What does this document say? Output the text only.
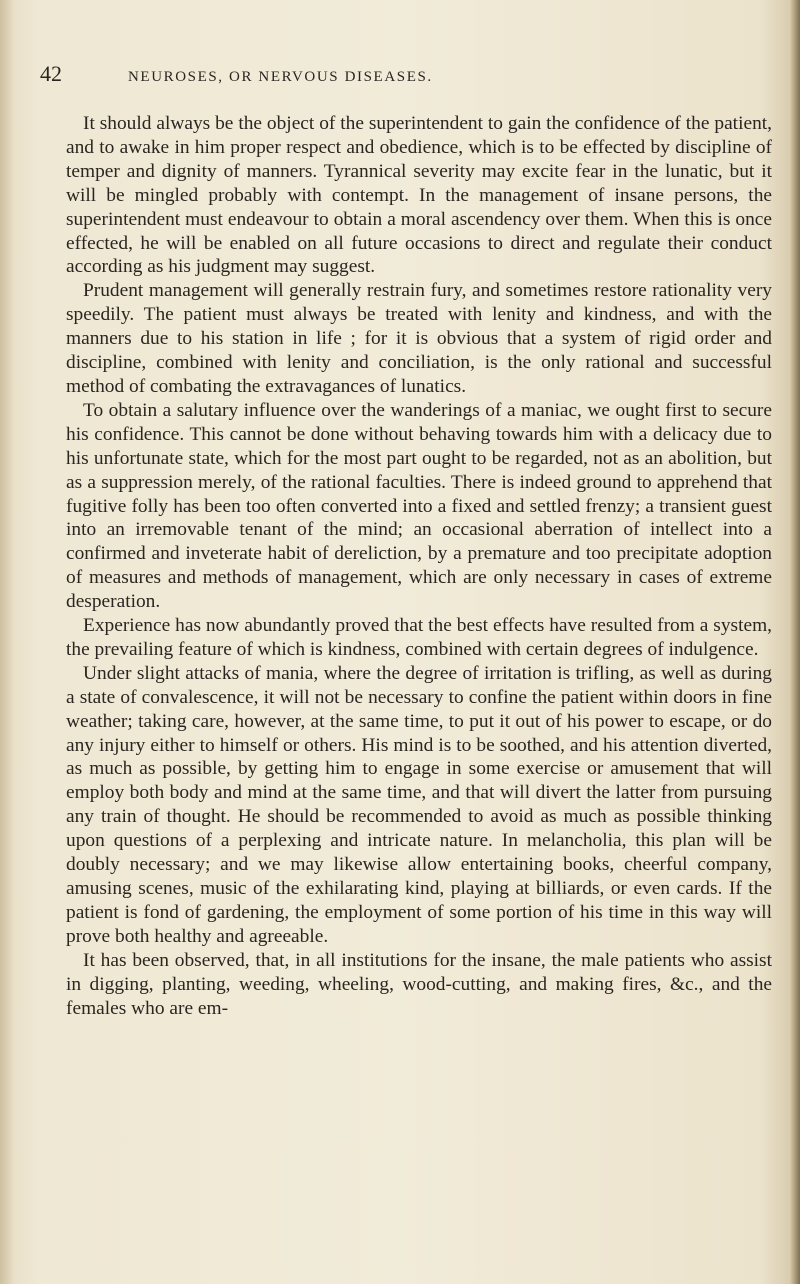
42	NEUROSES, OR NERVOUS DISEASES.

It should always be the object of the superintendent to gain the confidence of the patient, and to awake in him proper respect and obedience, which is to be effected by discipline of temper and dignity of manners. Tyrannical severity may excite fear in the lunatic, but it will be mingled probably with contempt. In the management of insane persons, the superintendent must endeavour to obtain a moral ascendency over them. When this is once effected, he will be enabled on all future occasions to direct and regulate their conduct according as his judgment may suggest.

Prudent management will generally restrain fury, and sometimes restore rationality very speedily. The patient must always be treated with lenity and kindness, and with the manners due to his station in life ; for it is obvious that a system of rigid order and discipline, combined with lenity and conciliation, is the only rational and successful method of combating the extravagances of lunatics.

To obtain a salutary influence over the wanderings of a maniac, we ought first to secure his confidence. This cannot be done without behaving towards him with a delicacy due to his unfortunate state, which for the most part ought to be regarded, not as an abolition, but as a suppression merely, of the rational faculties. There is indeed ground to apprehend that fugitive folly has been too often converted into a fixed and settled frenzy; a transient guest into an irremovable tenant of the mind; an occasional aberration of intellect into a confirmed and inveterate habit of dereliction, by a premature and too precipitate adoption of measures and methods of management, which are only necessary in cases of extreme desperation.

Experience has now abundantly proved that the best effects have resulted from a system, the prevailing feature of which is kindness, combined with certain degrees of indulgence.

Under slight attacks of mania, where the degree of irritation is trifling, as well as during a state of convalescence, it will not be necessary to confine the patient within doors in fine weather; taking care, however, at the same time, to put it out of his power to escape, or do any injury either to himself or others. His mind is to be soothed, and his attention diverted, as much as possible, by getting him to engage in some exercise or amusement that will employ both body and mind at the same time, and that will divert the latter from pursuing any train of thought. He should be recommended to avoid as much as possible thinking upon questions of a perplexing and intricate nature. In melancholia, this plan will be doubly necessary; and we may likewise allow entertaining books, cheerful company, amusing scenes, music of the exhilarating kind, playing at billiards, or even cards. If the patient is fond of gardening, the employment of some portion of his time in this way will prove both healthy and agreeable.

It has been observed, that, in all institutions for the insane, the male patients who assist in digging, planting, weeding, wheeling, wood-cutting, and making fires, &c., and the females who are em-
